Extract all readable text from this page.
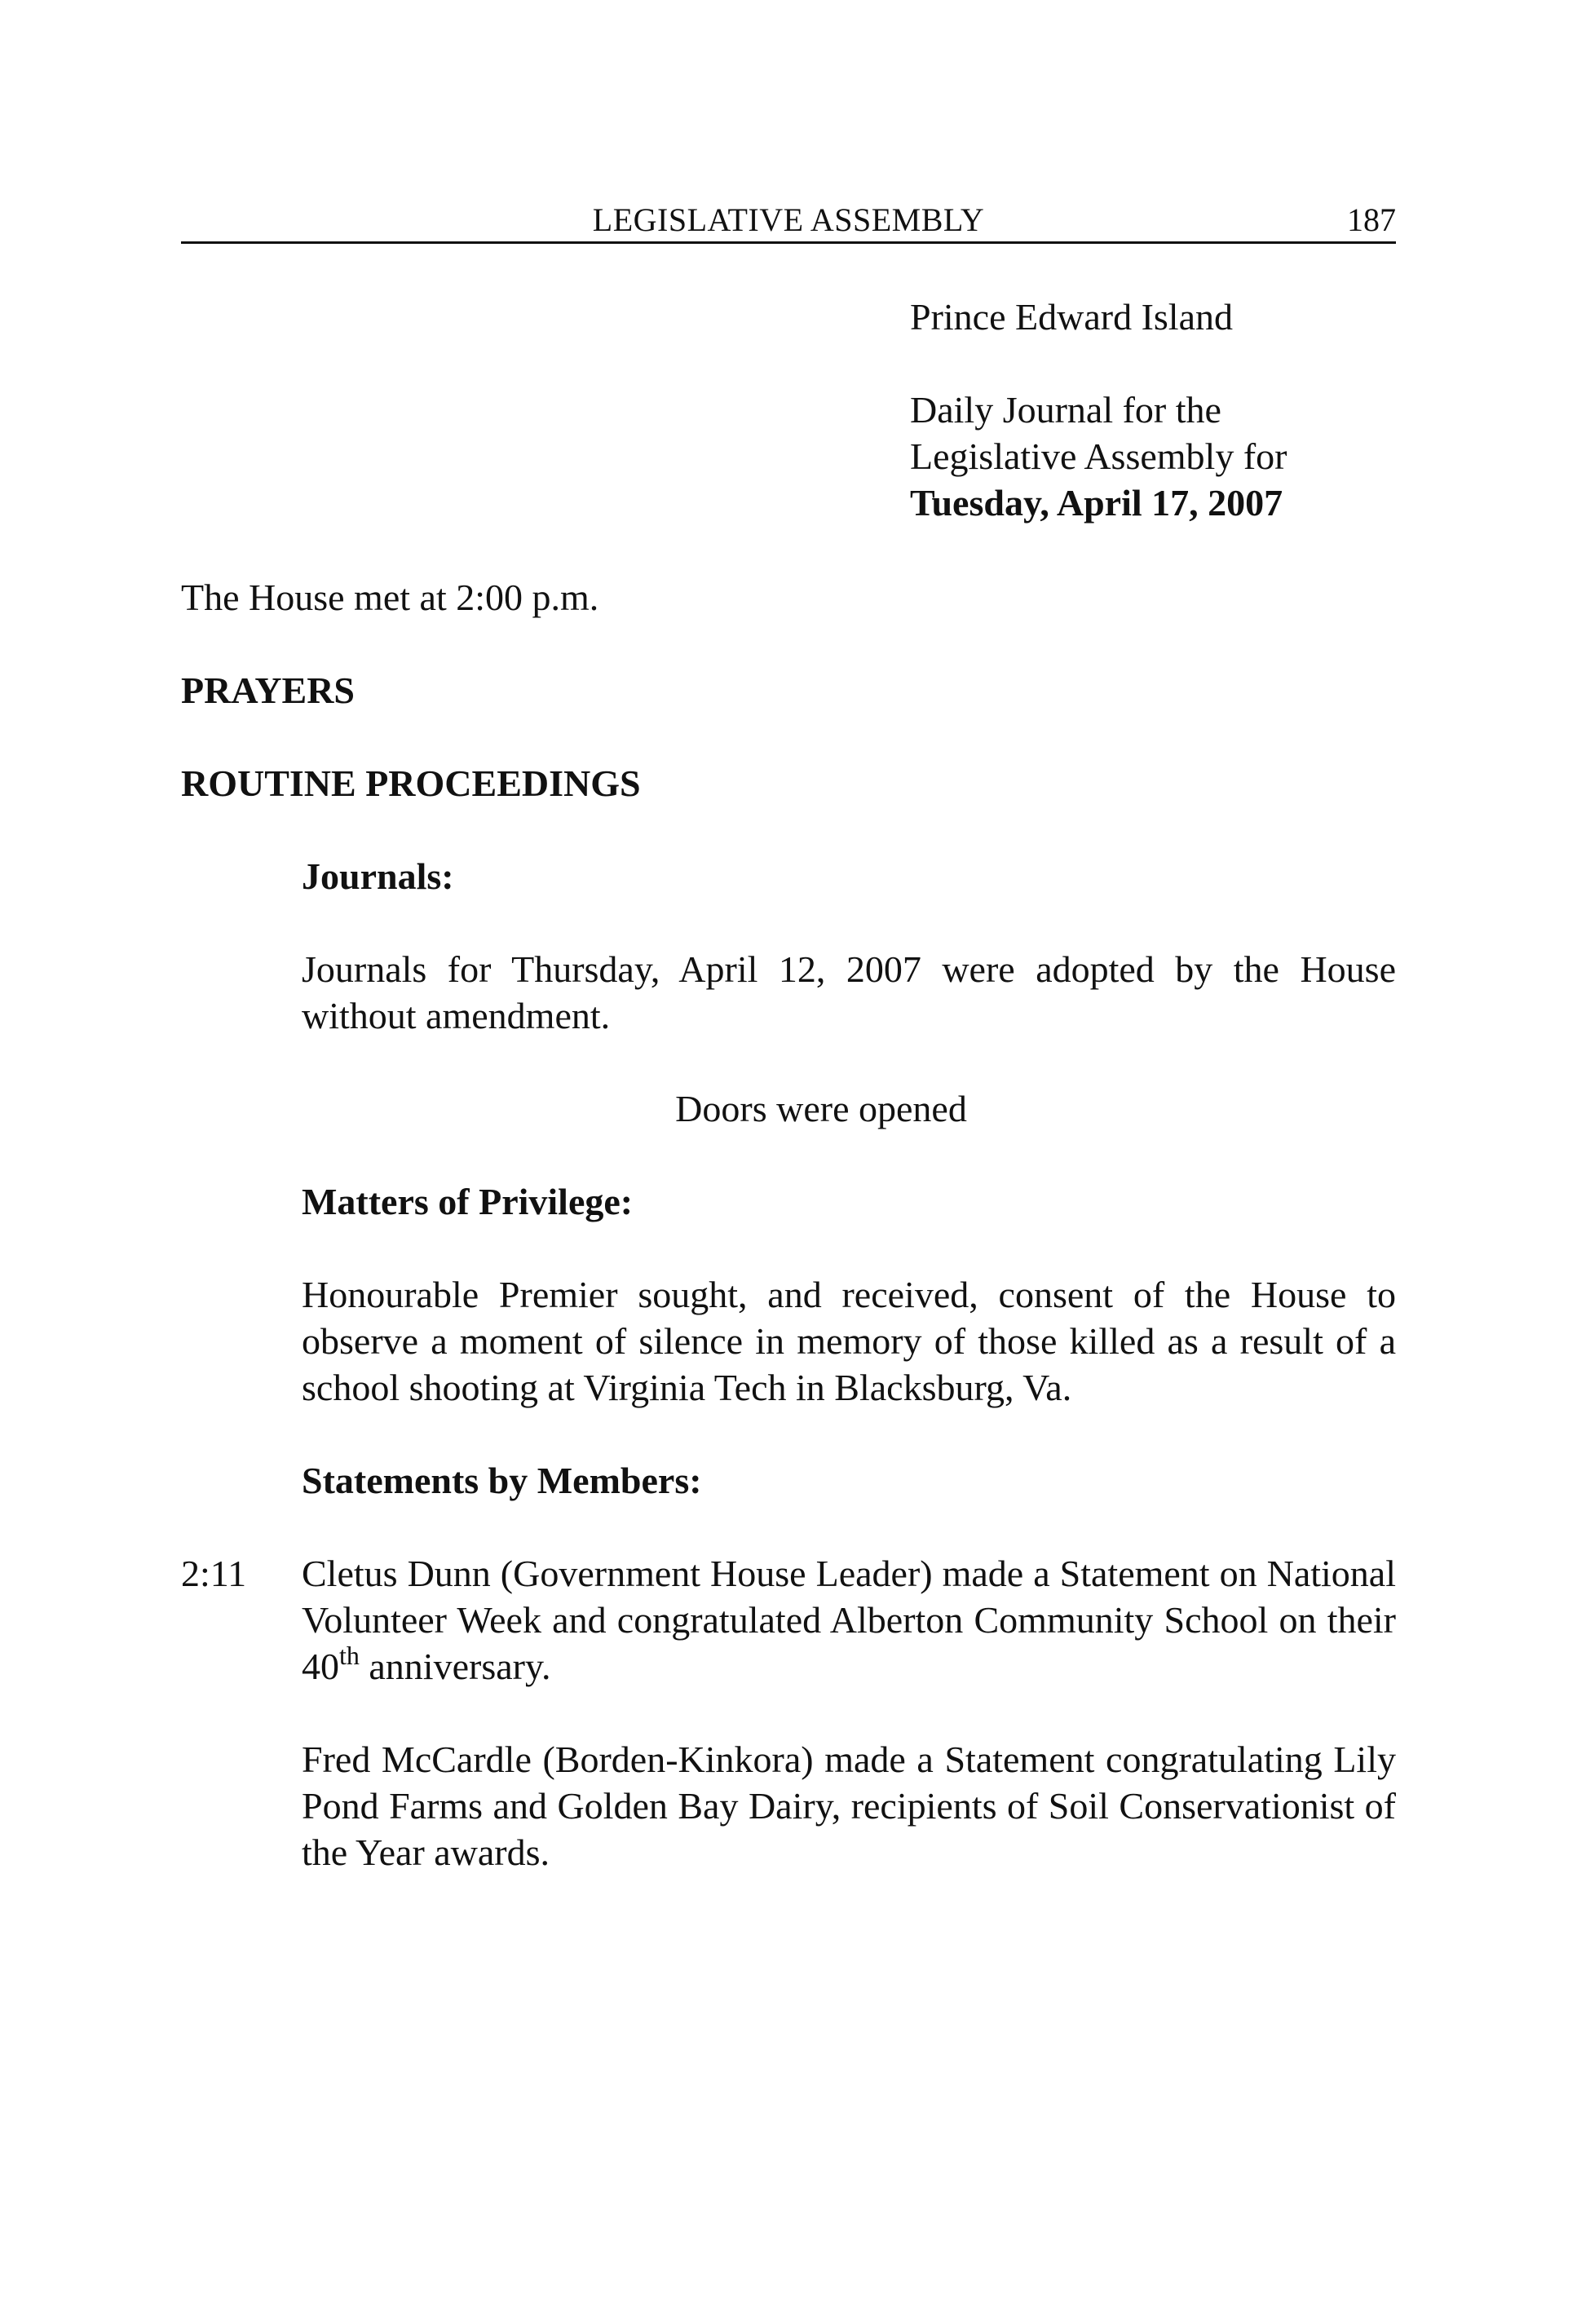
LEGISLATIVE ASSEMBLY	187
Prince Edward Island
Daily Journal for the
Legislative Assembly for
Tuesday, April 17, 2007
The House met at 2:00 p.m.
PRAYERS
ROUTINE PROCEEDINGS
Journals:
Journals for Thursday, April 12, 2007 were adopted by the House without amendment.
Doors were opened
Matters of Privilege:
Honourable Premier sought, and received, consent of the House to observe a moment of silence in memory of those killed as a result of a school shooting at Virginia Tech in Blacksburg, Va.
Statements by Members:
2:11 Cletus Dunn (Government House Leader) made a Statement on National Volunteer Week and congratulated Alberton Community School on their 40th anniversary.
Fred McCardle (Borden-Kinkora) made a Statement congratulating Lily Pond Farms and Golden Bay Dairy, recipients of Soil Conservationist of the Year awards.
